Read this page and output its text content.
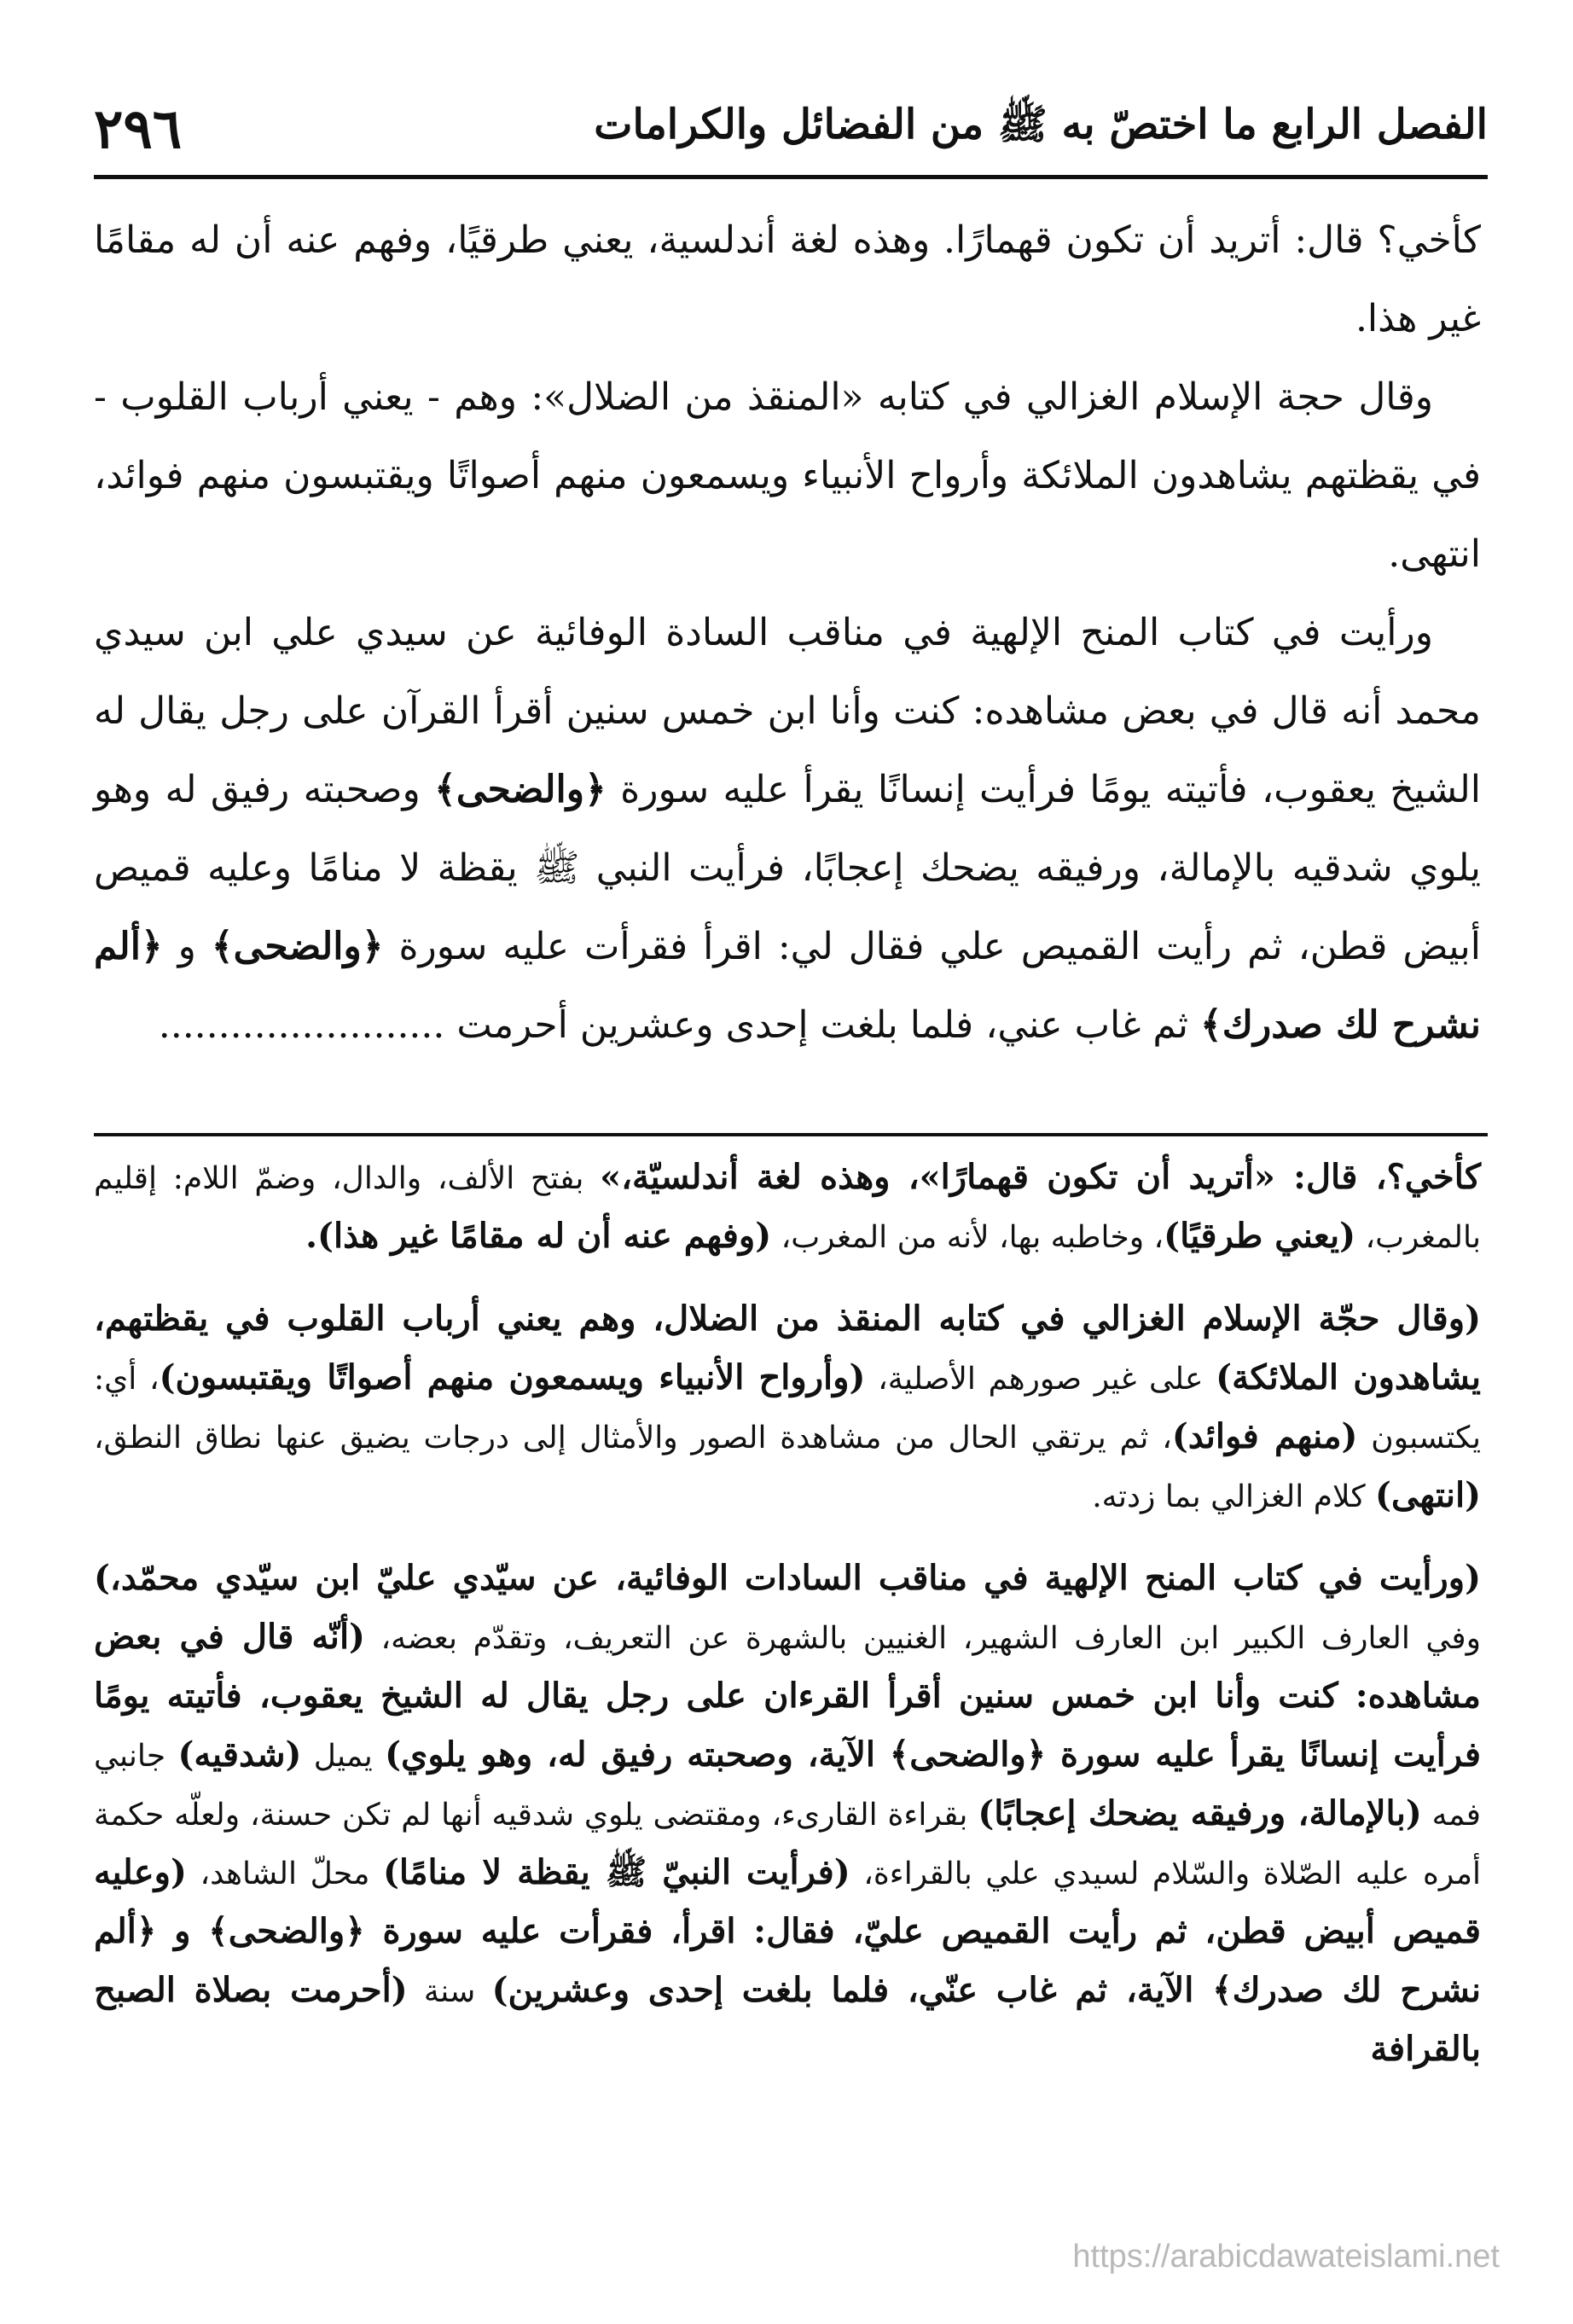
الفصل الرابع ما اختصّ به ﷺ من الفضائل والكرامات
٢٩٦

كأخي؟ قال: أتريد أن تكون قهمارًا. وهذه لغة أندلسية، يعني طرقيًا، وفهم عنه أن له مقامًا غير هذا.

وقال حجة الإسلام الغزالي في كتابه «المنقذ من الضلال»: وهم - يعني أرباب القلوب - في يقظتهم يشاهدون الملائكة وأرواح الأنبياء ويسمعون منهم أصواتًا ويقتبسون منهم فوائد، انتهى.

ورأيت في كتاب المنح الإلهية في مناقب السادة الوفائية عن سيدي علي ابن سيدي محمد أنه قال في بعض مشاهده: كنت وأنا ابن خمس سنين أقرأ القرآن على رجل يقال له الشيخ يعقوب، فأتيته يومًا فرأيت إنسانًا يقرأ عليه سورة ﴿والضحى﴾ وصحبته رفيق له وهو يلوي شدقيه بالإمالة، ورفيقه يضحك إعجابًا، فرأيت النبي ﷺ يقظة لا منامًا وعليه قميص أبيض قطن، ثم رأيت القميص علي فقال لي: اقرأ فقرأت عليه سورة ﴿والضحى﴾ و ﴿ألم نشرح لك صدرك﴾ ثم غاب عني، فلما بلغت إحدى وعشرين أحرمت ........................

كأخي؟، قال: «أتريد أن تكون قهمارًا»، وهذه لغة أندلسيّة،» بفتح الألف، والدال، وضمّ اللام: إقليم بالمغرب، (يعني طرقيًا)، وخاطبه بها، لأنه من المغرب، (وفهم عنه أن له مقامًا غير هذا).

(وقال حجّة الإسلام الغزالي في كتابه المنقذ من الضلال، وهم يعني أرباب القلوب في يقظتهم، يشاهدون الملائكة) على غير صورهم الأصلية، (وأرواح الأنبياء ويسمعون منهم أصواتًا ويقتبسون)، أي: يكتسبون (منهم فوائد)، ثم يرتقي الحال من مشاهدة الصور والأمثال إلى درجات يضيق عنها نطاق النطق، (انتهى) كلام الغزالي بما زدته.

(ورأيت في كتاب المنح الإلهية في مناقب السادات الوفائية، عن سيّدي عليّ ابن سيّدي محمّد،) وفي العارف الكبير ابن العارف الشهير، الغنيين بالشهرة عن التعريف، وتقدّم بعضه، (أنّه قال في بعض مشاهده: كنت وأنا ابن خمس سنين أقرأ القرءان على رجل يقال له الشيخ يعقوب، فأتيته يومًا فرأيت إنسانًا يقرأ عليه سورة ﴿والضحى﴾ الآية، وصحبته رفيق له، وهو يلوي) يميل (شدقيه) جانبي فمه (بالإمالة، ورفيقه يضحك إعجابًا) بقراءة القارىء، ومقتضى يلوي شدقيه أنها لم تكن حسنة، ولعلّه حكمة أمره عليه الصّلاة والسّلام لسيدي علي بالقراءة، (فرأيت النبيّ ﷺ يقظة لا منامًا) محلّ الشاهد، (وعليه قميص أبيض قطن، ثم رأيت القميص عليّ، فقال: اقرأ، فقرأت عليه سورة ﴿والضحى﴾ و ﴿ألم نشرح لك صدرك﴾ الآية، ثم غاب عنّي، فلما بلغت إحدى وعشرين) سنة (أحرمت بصلاة الصبح بالقرافة

https://arabicdawateislami.net
